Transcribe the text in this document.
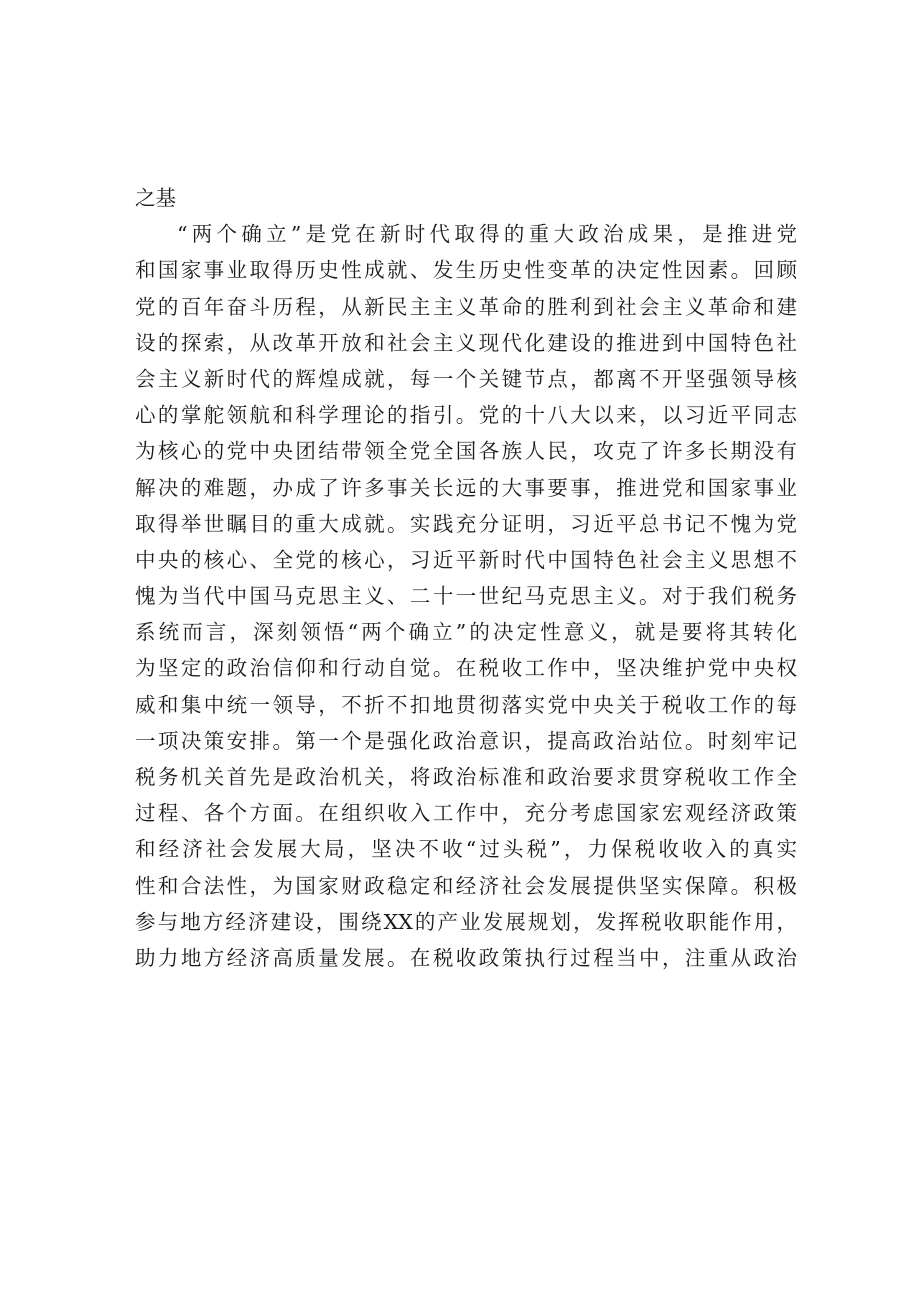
之基
“两个确立”是党在新时代取得的重大政治成果，是推进党
和国家事业取得历史性成就、发生历史性变革的决定性因素。回顾
党的百年奋斗历程，从新民主主义革命的胜利到社会主义革命和建
设的探索，从改革开放和社会主义现代化建设的推进到中国特色社
会主义新时代的辉煌成就，每一个关键节点，都离不开坚强领导核
心的掌舵领航和科学理论的指引。党的十八大以来，以习近平同志
为核心的党中央团结带领全党全国各族人民，攻克了许多长期没有
解决的难题，办成了许多事关长远的大事要事，推进党和国家事业
取得举世瞩目的重大成就。实践充分证明，习近平总书记不愧为党
中央的核心、全党的核心，习近平新时代中国特色社会主义思想不
愧为当代中国马克思主义、二十一世纪马克思主义。对于我们税务
系统而言，深刻领悟“两个确立”的决定性意义，就是要将其转化
为坚定的政治信仰和行动自觉。在税收工作中，坚决维护党中央权
威和集中统一领导，不折不扣地贯彻落实党中央关于税收工作的每
一项决策安排。第一个是强化政治意识，提高政治站位。时刻牢记
税务机关首先是政治机关，将政治标准和政治要求贯穿税收工作全
过程、各个方面。在组织收入工作中，充分考虑国家宏观经济政策
和经济社会发展大局，坚决不收“过头税”，力保税收收入的真实
性和合法性，为国家财政稳定和经济社会发展提供坚实保障。积极
参与地方经济建设，围绕XX的产业发展规划，发挥税收职能作用，
助力地方经济高质量发展。在税收政策执行过程当中，注重从政治
